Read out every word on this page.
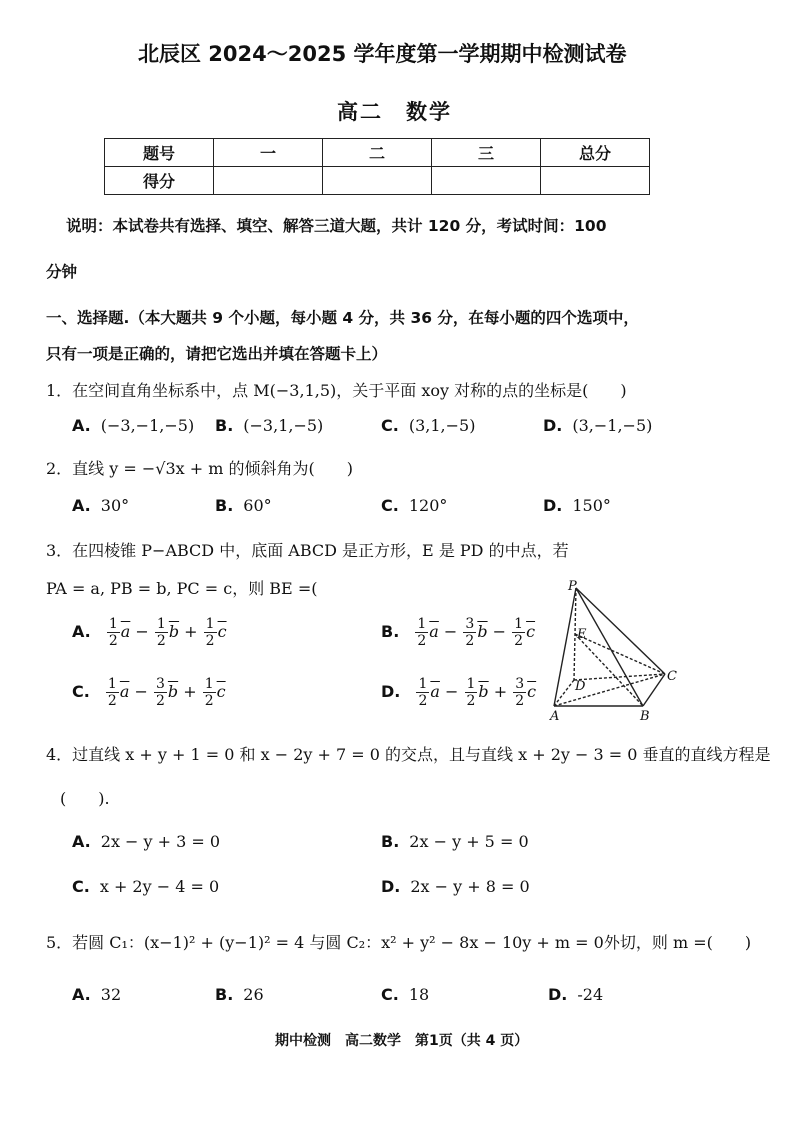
北辰区 2024～2025 学年度第一学期期中检测试卷
高二　数学
题号	一	二	三	总分
得分				
说明：本试卷共有选择、填空、解答三道大题，共计 120 分，考试时间：100
分钟
一、选择题.（本大题共 9 个小题，每小题 4 分，共 36 分，在每小题的四个选项中，
只有一项是正确的，请把它选出并填在答题卡上）
1．在空间直角坐标系中，点 M(−3,1,5)，关于平面 xoy 对称的点的坐标是(　　)
A. (−3,−1,−5) B. (−3,1,−5)	C. (3,1,−5)	D. (3,−1,−5)
2．直线 y = −√3x + m 的倾斜角为(　　)
A. 30°	B. 60°	C. 120°	D. 150°
3．在四棱锥 P−ABCD 中，底面 ABCD 是正方形，E 是 PD 的中点，若
PA = a, PB = b, PC = c，则 BE =(
A. $\frac{1}{2} \overline{a} - \frac{1}{2} \overline{b} + \frac{1}{2} \overline{c}$	B. $\frac{1}{2} \overline{a} - \frac{3}{2} \overline{b} - \frac{1}{2} \overline{c}$
C. $\frac{1}{2} \overline{a} - \frac{3}{2} \overline{b} + \frac{1}{2} \overline{c}$	D. $\frac{1}{2} \overline{a} - \frac{1}{2} \overline{b} + \frac{3}{2} \overline{c}$
P
E
D
C
A	B
4．过直线 x + y + 1 = 0 和 x − 2y + 7 = 0 的交点，且与直线 x + 2y − 3 = 0 垂直的直线方程是
(　　).
A. 2x − y + 3 = 0	B. 2x − y + 5 = 0
C. x + 2y − 4 = 0	D. 2x − y + 8 = 0
5．若圆 C₁：(x−1)² + (y−1)² = 4 与圆 C₂：x² + y² − 8x − 10y + m = 0外切，则 m =(　　)
A. 32	B. 26	C. 18	D. -24
期中检测　高二数学　第1页（共 4 页）
